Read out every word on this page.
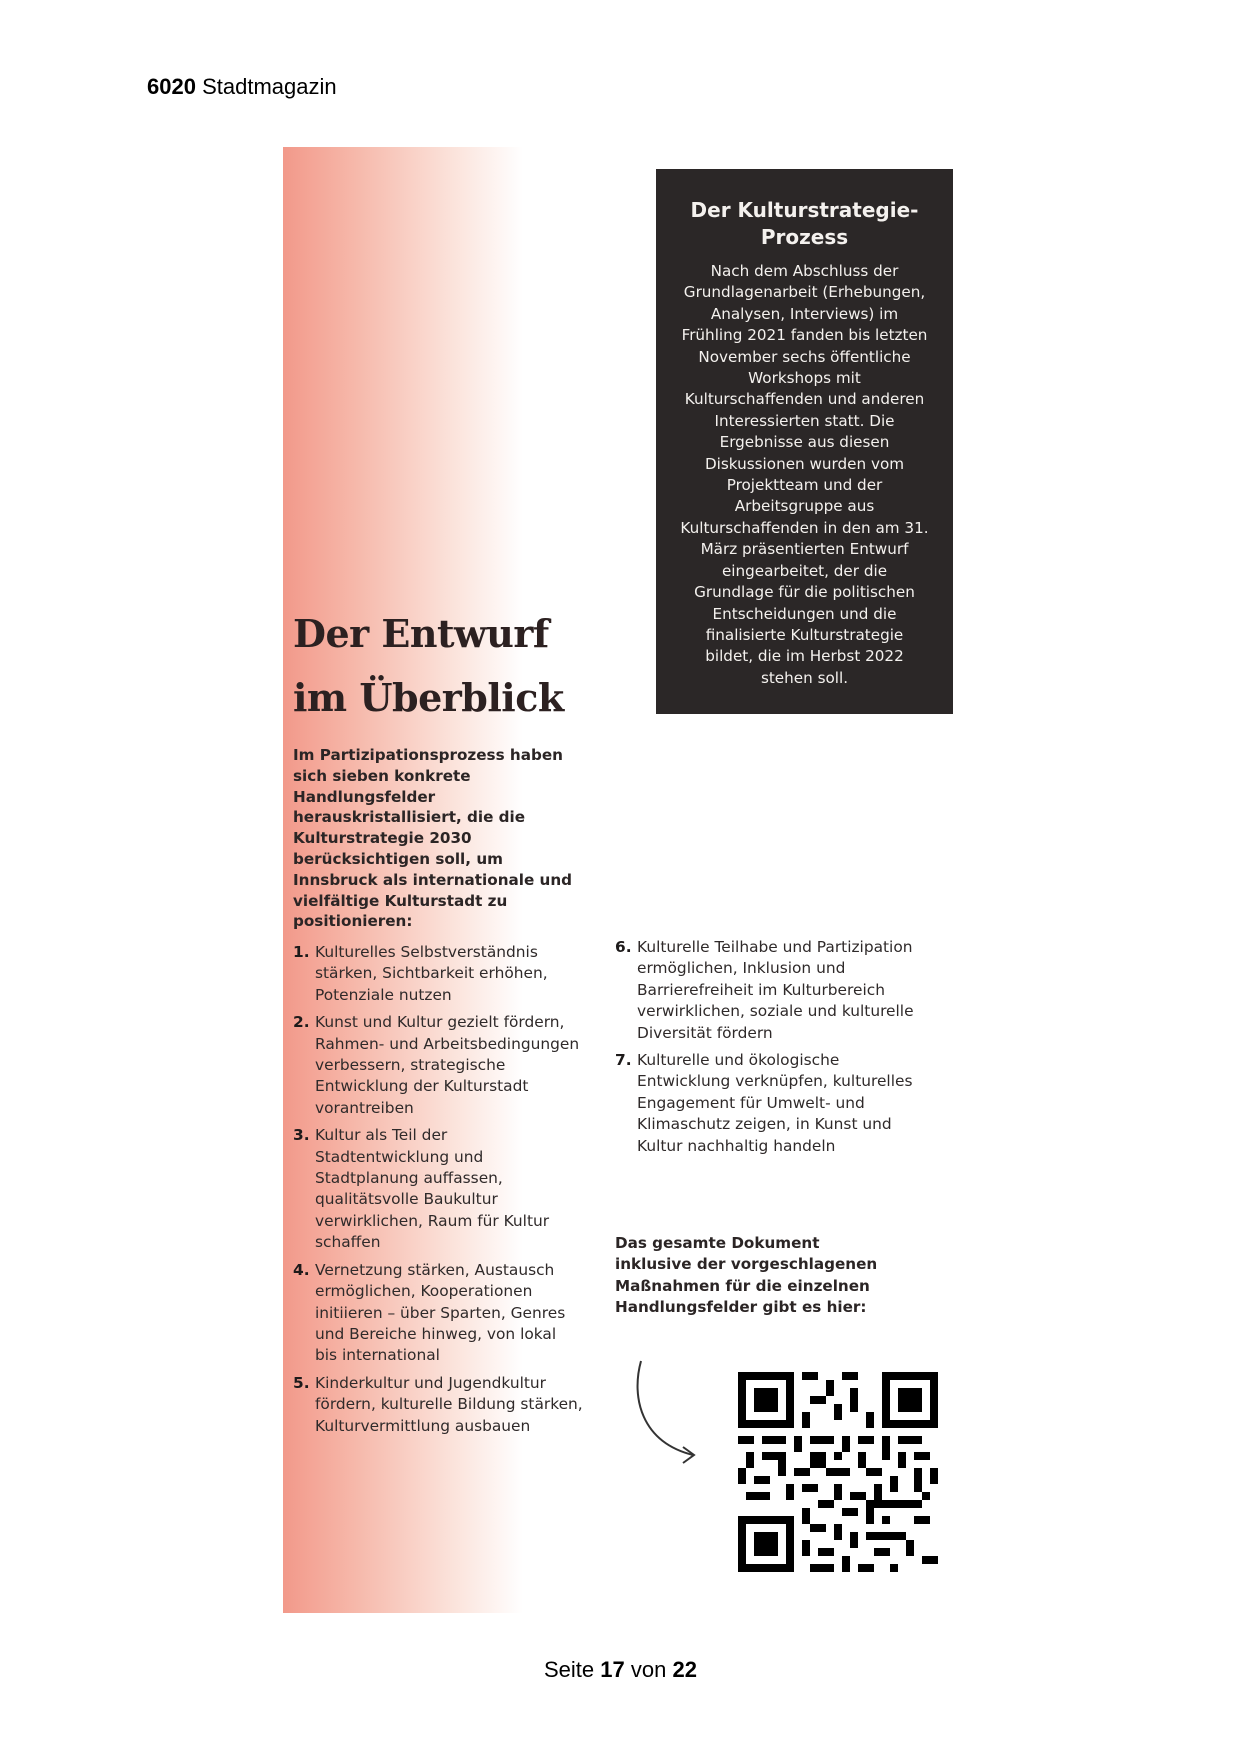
6020 Stadtmagazin
Der Kulturstrategie-Prozess

Nach dem Abschluss der Grundlagenarbeit (Erhebungen, Analysen, Interviews) im Frühling 2021 fanden bis letzten November sechs öffentliche Workshops mit Kulturschaffenden und anderen Interessierten statt. Die Ergebnisse aus diesen Diskussionen wurden vom Projektteam und der Arbeitsgruppe aus Kulturschaffenden in den am 31. März präsentierten Entwurf eingearbeitet, der die Grundlage für die politischen Entscheidungen und die finalisierte Kulturstrategie bildet, die im Herbst 2022 stehen soll.

Der Entwurf
im Überblick
Im Partizipationsprozess haben sich sieben konkrete Handlungsfelder herauskristallisiert, die die Kulturstrategie 2030 berücksichtigen soll, um Innsbruck als internationale und vielfältige Kulturstadt zu positionieren:
1. Kulturelles Selbstverständnis stärken, Sichtbarkeit erhöhen, Potenziale nutzen
2. Kunst und Kultur gezielt fördern, Rahmen- und Arbeitsbedingungen verbessern, strategische Entwicklung der Kulturstadt vorantreiben
3. Kultur als Teil der Stadtentwicklung und Stadtplanung auffassen, qualitätsvolle Baukultur verwirklichen, Raum für Kultur schaffen
4. Vernetzung stärken, Austausch ermöglichen, Kooperationen initiieren – über Sparten, Genres und Bereiche hinweg, von lokal bis international
5. Kinderkultur und Jugendkultur fördern, kulturelle Bildung stärken, Kulturvermittlung ausbauen
6. Kulturelle Teilhabe und Partizipation ermöglichen, Inklusion und Barrierefreiheit im Kulturbereich verwirklichen, soziale und kulturelle Diversität fördern
7. Kulturelle und ökologische Entwicklung verknüpfen, kulturelles Engagement für Umwelt- und Klimaschutz zeigen, in Kunst und Kultur nachhaltig handeln
Das gesamte Dokument inklusive der vorgeschlagenen Maßnahmen für die einzelnen Handlungsfelder gibt es hier:
Seite 17 von 22
